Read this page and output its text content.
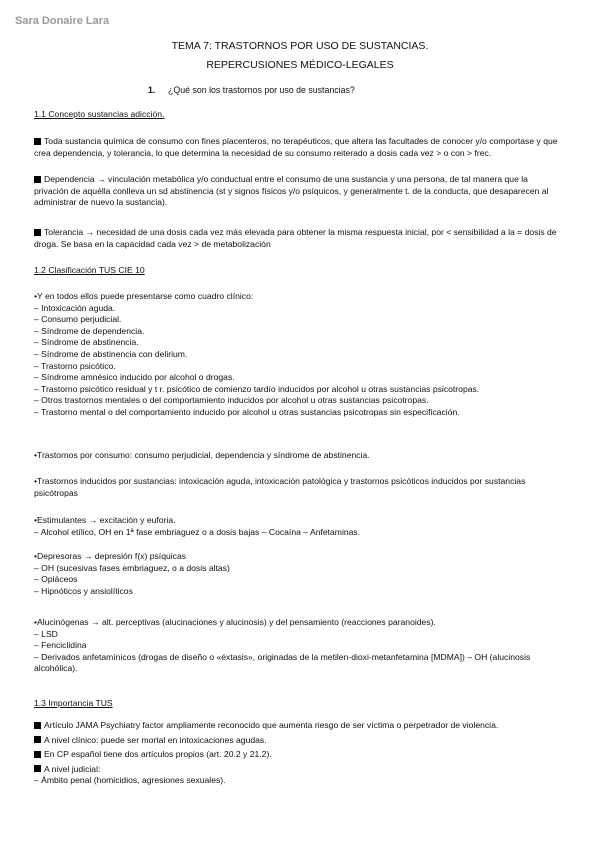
Sara Donaire Lara
TEMA 7: TRASTORNOS POR USO DE SUSTANCIAS.
REPERCUSIONES MÉDICO-LEGALES
1. ¿Qué son los trastornos por uso de sustancias?
1.1 Concepto sustancias adicción.
Toda sustancia química de consumo con fines placenteros, no terapéuticos, que altera las facultades de conocer y/o comportase y que crea dependencia, y tolerancia, lo que determina la necesidad de su consumo reiterado a dosis cada vez > o con > frec.
Dependencia → vinculación metabólica y/o conductual entre el consumo de una sustancia y una persona, de tal manera que la privación de aquélla conlleva un sd abstinencia (st y signos físicos y/o psíquicos, y generalmente t. de la conducta, que desaparecen al administrar de nuevo la sustancia).
Tolerancia → necesidad de una dosis cada vez más elevada para obtener la misma respuesta inicial, por < sensibilidad a la = dosis de droga. Se basa en la capacidad cada vez > de metabolización
1.2 Clasificación TUS CIE 10
•Y en todos ellos puede presentarse como cuadro clínico:
– Intoxicación aguda.
– Consumo perjudicial.
– Síndrome de dependencia.
– Síndrome de abstinencia.
– Síndrome de abstinencia con delirium.
– Trastorno psicótico.
– Síndrome amnésico inducido por alcohol o drogas.
– Trastorno psicótico residual y t r. psicótico de comienzo tardío inducidos por alcohol u otras sustancias psicotropas.
– Otros trastornos mentales o del comportamiento inducidos por alcohol u otras sustancias psicotropas.
– Trastorno mental o del comportamiento inducido por alcohol u otras sustancias psicotropas sin especificación.
•Trastornos por consumo: consumo perjudicial, dependencia y síndrome de abstinencia.
•Trastornos inducidos por sustancias: intoxicación aguda, intoxicación patológica y trastornos psicóticos inducidos por sustancias psicótropas
•Estimulantes → excitación y euforia.
– Alcohol etílico, OH en 1ª fase embriaguez o a dosis bajas – Cocaína – Anfetaminas.
•Depresoras → depresión f(x) psíquicas
– OH (sucesivas fases embriaguez, o a dosis altas)
– Opiáceos
– Hipnóticos y ansiolíticos
•Alucinógenas → alt. perceptivas (alucinaciones y alucinosis) y del pensamiento (reacciones paranoides).
– LSD
– Fenciclidina
– Derivados anfetamínicos (drogas de diseño o «éxtasis», originadas de la metilen-dioxi-metanfetamina [MDMA]) – OH (alucinosis alcohólica).
1.3 Importancia TUS
Artículo JAMA Psychiatry factor ampliamente reconocido que aumenta riesgo de ser víctima o perpetrador de violencia.
A nivel clínico: puede ser mortal en intoxicaciones agudas.
En CP español tiene dos artículos propios (art. 20.2 y 21.2).
A nivel judicial:
– Ámbito penal (homicidios, agresiones sexuales).
